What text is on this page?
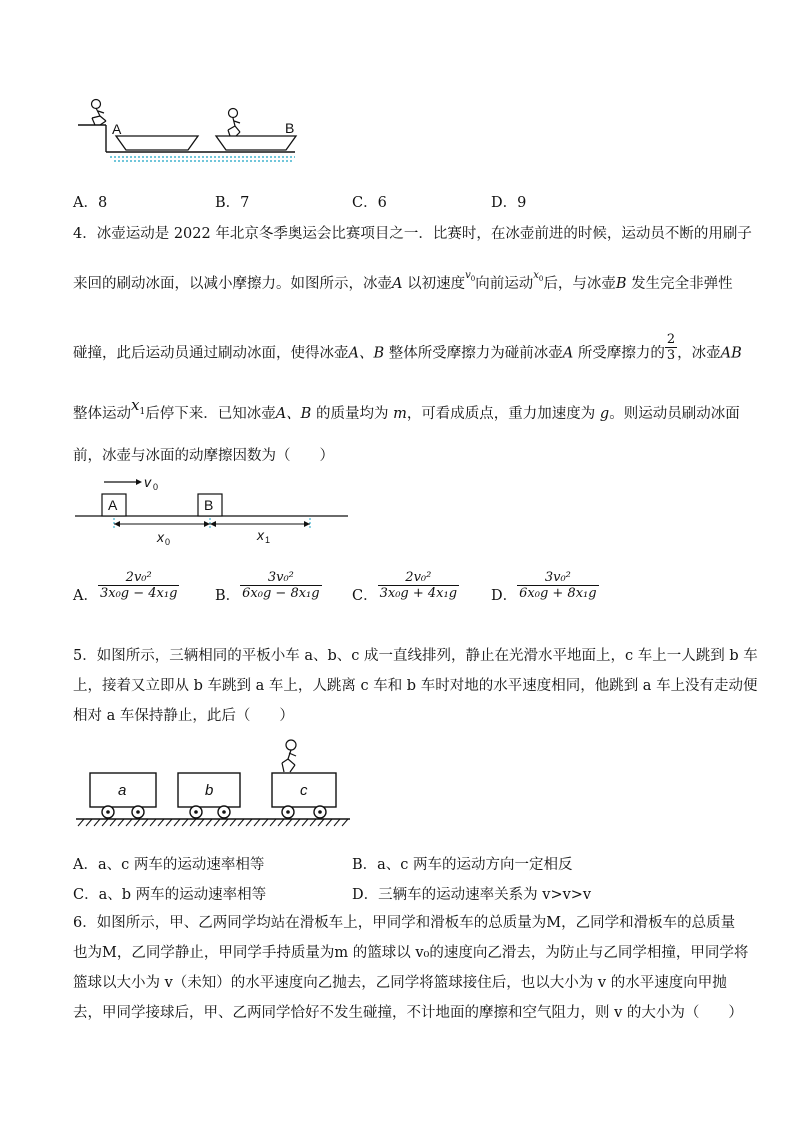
A	B
A．8	B．7	C．6	D．9
4．冰壶运动是 2022 年北京冬季奥运会比赛项目之一．比赛时，在冰壶前进的时候，运动员不断的用刷子
来回的刷动冰面，以减小摩擦力。如图所示，冰壶A 以初速度$^{v_0}$向前运动$^{x_0}$后，与冰壶B 发生完全非弹性
碰撞，此后运动员通过刷动冰面，使得冰壶A、B 整体所受摩擦力为碰前冰壶A 所受摩擦力的 $\frac{2}{3}$ ，冰壶AB
整体运动$x_1$后停下来．已知冰壶A、B 的质量均为 m，可看成质点，重力加速度为 g。则运动员刷动冰面
前，冰壶与冰面的动摩擦因数为（　　）
v 0
A	B
x 0	x 1
A． $\frac{\text{2v₀²}}{\text{3x₀g − 4x₁g}}$ B． $\frac{\text{3v₀²}}{\text{6x₀g − 8x₁g}}$ C． $\frac{\text{2v₀²}}{\text{3x₀g + 4x₁g}}$ D． $\frac{\text{3v₀²}}{\text{6x₀g + 8x₁g}}$
5．如图所示，三辆相同的平板小车 a、b、c 成一直线排列，静止在光滑水平地面上，c 车上一人跳到 b 车
上，接着又立即从 b 车跳到 a 车上，人跳离 c 车和 b 车时对地的水平速度相同，他跳到 a 车上没有走动便
相对 a 车保持静止，此后（　　）
a	b	c
A．a、c 两车的运动速率相等	B．a、c 两车的运动方向一定相反
C．a、b 两车的运动速率相等	D．三辆车的运动速率关系为 v>v>v
6．如图所示，甲、乙两同学均站在滑板车上，甲同学和滑板车的总质量为M，乙同学和滑板车的总质量
也为M，乙同学静止，甲同学手持质量为m 的篮球以 v₀的速度向乙滑去，为防止与乙同学相撞，甲同学将
篮球以大小为 v（未知）的水平速度向乙抛去，乙同学将篮球接住后，也以大小为 v 的水平速度向甲抛
去，甲同学接球后，甲、乙两同学恰好不发生碰撞，不计地面的摩擦和空气阻力，则 v 的大小为（　　）
